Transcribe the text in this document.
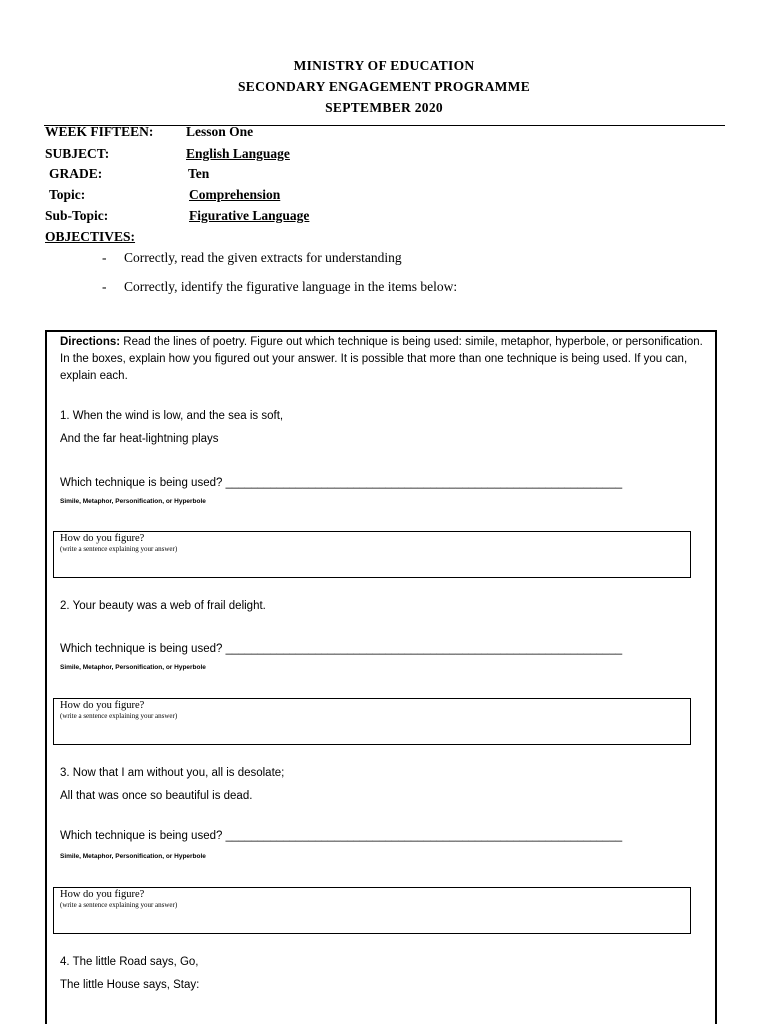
MINISTRY OF EDUCATION
SECONDARY ENGAGEMENT PROGRAMME
SEPTEMBER 2020
WEEK FIFTEEN: Lesson One
SUBJECT:	English Language
GRADE:	Ten
Topic:	Comprehension
Sub-Topic:	Figurative Language
OBJECTIVES:
- Correctly, read the given extracts for understanding
- Correctly, identify the figurative language in the items below:
Directions: Read the lines of poetry. Figure out which technique is being used: simile, metaphor, hyperbole, or personification. In the boxes, explain how you figured out your answer. It is possible that more than one technique is being used. If you can, explain each.
1. When the wind is low, and the sea is soft,
And the far heat-lightning plays
Which technique is being used? ______________________________________________________________
Simile, Metaphor, Personification, or Hyperbole
How do you figure?
(write a sentence explaining your answer)
2. Your beauty was a web of frail delight.
Which technique is being used? ______________________________________________________________
Simile, Metaphor, Personification, or Hyperbole
How do you figure?
(write a sentence explaining your answer)
3. Now that I am without you, all is desolate;
All that was once so beautiful is dead.
Which technique is being used? ______________________________________________________________
Simile, Metaphor, Personification, or Hyperbole
How do you figure?
(write a sentence explaining your answer)
4. The little Road says, Go,
The little House says, Stay:
